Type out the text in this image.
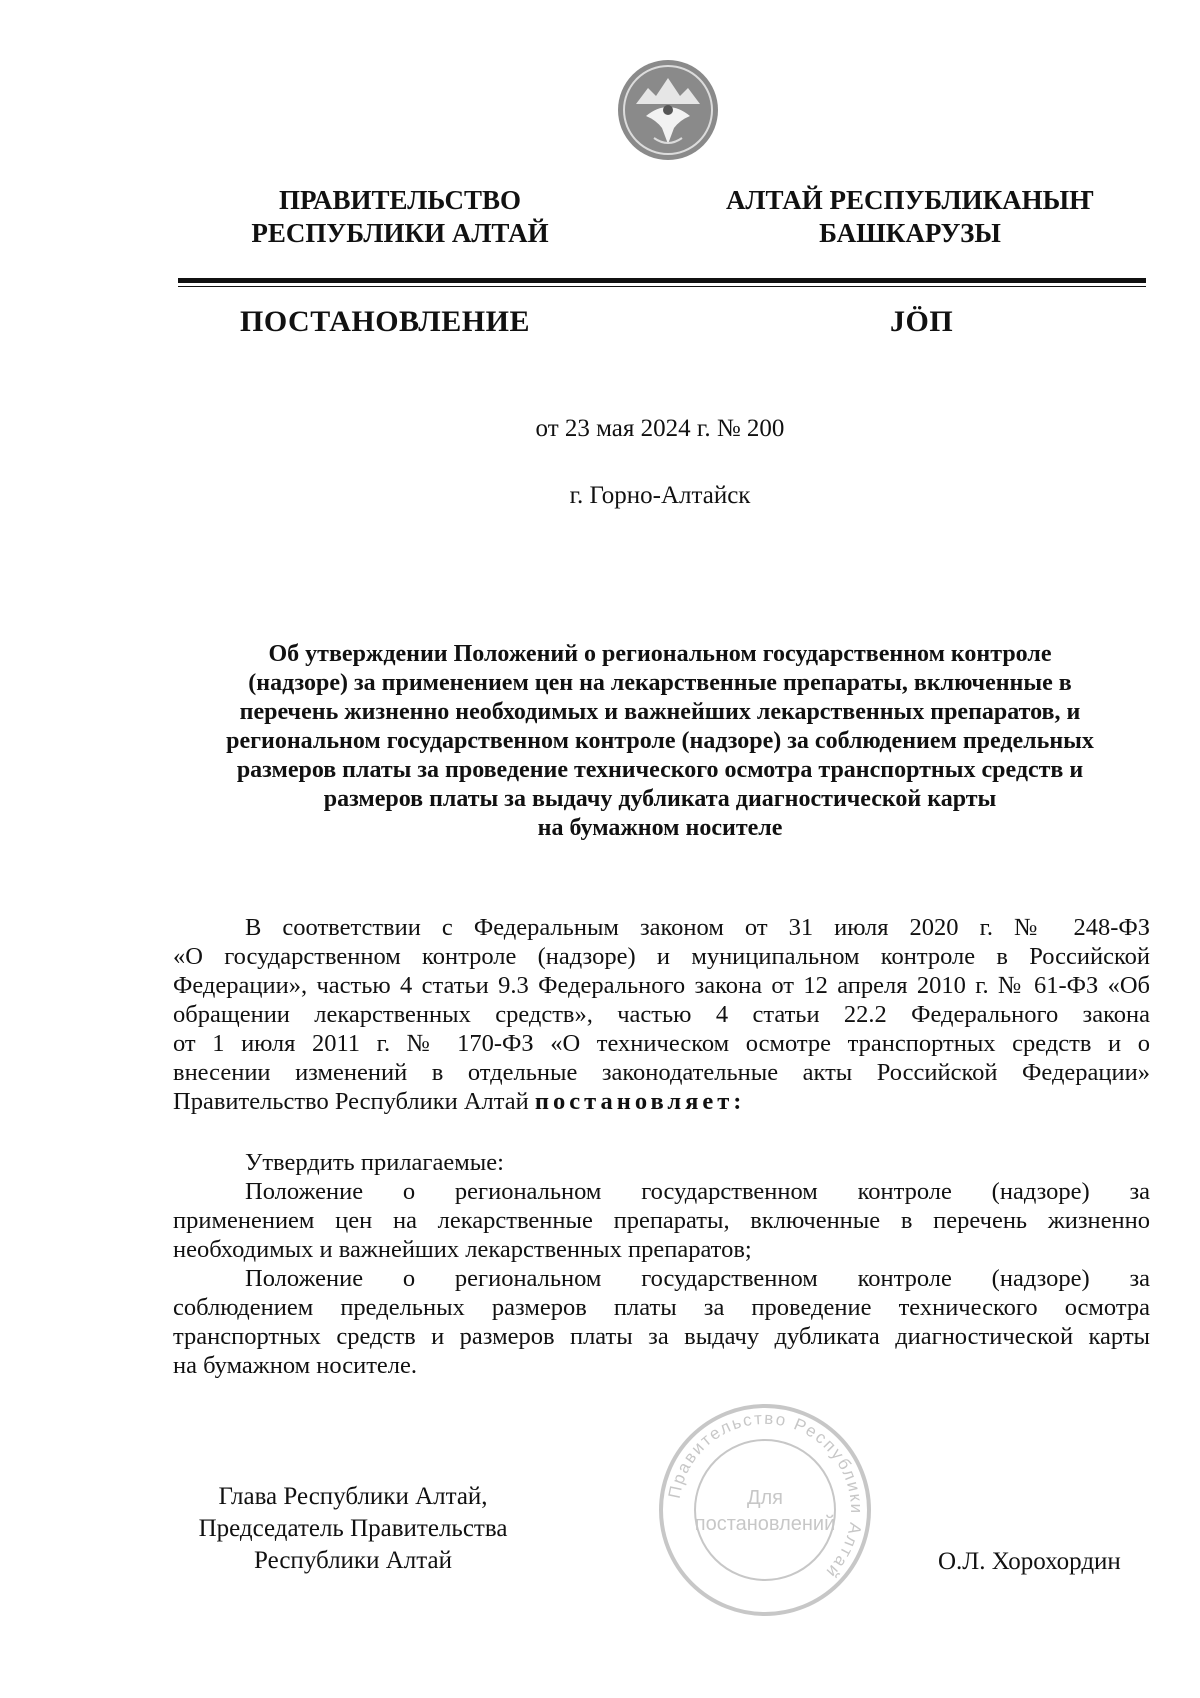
ПРАВИТЕЛЬСТВО
РЕСПУБЛИКИ АЛТАЙ
АЛТАЙ РЕСПУБЛИКАНЫҤ
БАШКАРУЗЫ
ПОСТАНОВЛЕНИЕ	JӦП
от 23 мая 2024 г. № 200
г. Горно-Алтайск
Об утверждении Положений о региональном государственном контроле
(надзоре) за применением цен на лекарственные препараты, включенные в
перечень жизненно необходимых и важнейших лекарственных препаратов, и
региональном государственном контроле (надзоре) за соблюдением предельных
размеров платы за проведение технического осмотра транспортных средств и
размеров платы за выдачу дубликата диагностической карты
на бумажном носителе
В соответствии с Федеральным законом от 31 июля 2020 г. № 248-ФЗ
«О государственном контроле (надзоре) и муниципальном контроле в Российской
Федерации», частью 4 статьи 9.3 Федерального закона от 12 апреля 2010 г. № 61-ФЗ «Об
обращении лекарственных средств», частью 4 статьи 22.2 Федерального закона
от 1 июля 2011 г. № 170-ФЗ «О техническом осмотре транспортных средств и о
внесении изменений в отдельные законодательные акты Российской Федерации»
Правительство Республики Алтай постановляет:
Утвердить прилагаемые:
Положение о региональном государственном контроле (надзоре) за
применением цен на лекарственные препараты, включенные в перечень жизненно
необходимых и важнейших лекарственных препаратов;
Положение о региональном государственном контроле (надзоре) за
соблюдением предельных размеров платы за проведение технического осмотра
транспортных средств и размеров платы за выдачу дубликата диагностической карты
на бумажном носителе.
Правительство Республики Алтай
Для
постановлений
Глава Республики Алтай,
Председатель Правительства
Республики Алтай	О.Л. Хорохордин
